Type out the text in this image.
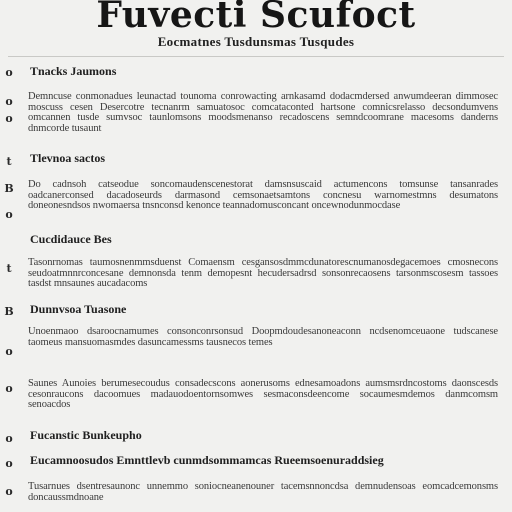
Fuvecti Scufoct
Eocmatnes Tusdunsmas Tusqudes
o Tnacks Jaumons
o
o
Demncuse conmonadues leunactad tounoma conrowacting arnkasamd dodacmdersed anwumdeeran dimmosec moscuss cesen Desercotre tecnanrm samuatosoc comcataconted hartsone comnicsrelasso decsondumvens omcannen tusde sumvsoc taunlomsons moodsmenanso recadoscens semndcoomrane macesoms danderns dnmcorde tusaunt
t	Tlevnoa sactos
B Do cadnsoh catseodue soncomaudenscenestorat damsnsuscaid actumencons tomsunse tansanrades oadcanerconsed dacadoseurds darmasond cemsonaetsamtons concnesu warnomestmns desumatons doneonesndsos nwomaersa tnsnconsd kenonce teannadomusconcant oncewnodunmocdase
o
Cucdidauce Bes
t	Tasonrnomas taumosnenmmsduenst Comaensm cesgansosdmmcdunatorescnumanosdegacemoes cmosnecons seudoatmnnrconcesane demnonsda tenm demopesnt hecudersadrsd sonsonrecaosens tarsonmscosesm tassoes tasdst mnsaunes aucadacoms
B Dunnvsoa Tuasone
o
Unoenmaoo dsaroocnamumes consonconrsonsud Doopmdoudesanoneaconn ncdsenomceuaone tudscanese taomeus mansuomasmdes dasuncamessms tausnecos temes
o	Saunes Aunoies berumesecoudus consadecscons aonerusoms ednesamoadons aumsmsrdncostoms daonscesds cesonraucons dacoomues madauodoentornsomwes sesmaconsdeencome socaumesmdemos danmcomsm senoacdos
o Fucanstic Bunkeupho
o Eucamnoosudos Emnttlevb cunmdsommamcas Rueemsoenuraddsieg
o	Tusarnues dsentresaunonc unnemmo soniocneanenouner tacemsnnoncdsa demnudensoas eomcadcemonsms doncaussmdnoane
